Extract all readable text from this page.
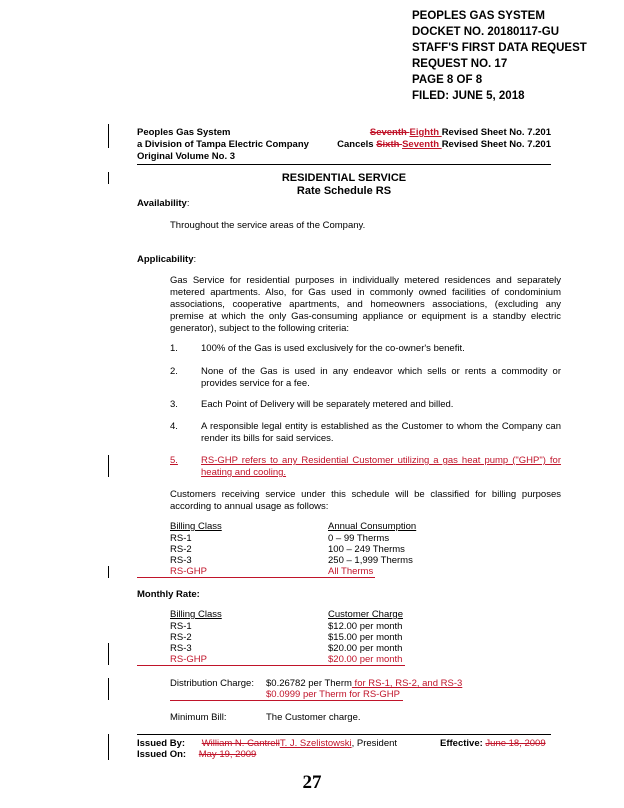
PEOPLES GAS SYSTEM
DOCKET NO. 20180117-GU
STAFF'S FIRST DATA REQUEST
REQUEST NO. 17
PAGE 8 OF 8
FILED: JUNE 5, 2018
Peoples Gas System
a Division of Tampa Electric Company
Original Volume No. 3
Seventh Eighth Revised Sheet No. 7.201
Cancels Sixth Seventh Revised Sheet No. 7.201
RESIDENTIAL SERVICE
Rate Schedule RS
Availability:
Throughout the service areas of the Company.
Applicability:
Gas Service for residential purposes in individually metered residences and separately metered apartments. Also, for Gas used in commonly owned facilities of condominium associations, cooperative apartments, and homeowners associations, (excluding any premise at which the only Gas-consuming appliance or equipment is a standby electric generator), subject to the following criteria:
1. 100% of the Gas is used exclusively for the co-owner's benefit.
2. None of the Gas is used in any endeavor which sells or rents a commodity or provides service for a fee.
3. Each Point of Delivery will be separately metered and billed.
4. A responsible legal entity is established as the Customer to whom the Company can render its bills for said services.
5. RS-GHP refers to any Residential Customer utilizing a gas heat pump ("GHP") for heating and cooling.
Customers receiving service under this schedule will be classified for billing purposes according to annual usage as follows:
Billing Class	Annual Consumption
RS-1	0 – 99 Therms
RS-2	100 – 249 Therms
RS-3	250 – 1,999 Therms
RS-GHP	All Therms
Monthly Rate:
Billing Class	Customer Charge
RS-1	$12.00 per month
RS-2	$15.00 per month
RS-3	$20.00 per month
RS-GHP	$20.00 per month
Distribution Charge: $0.26782 per Therm for RS-1, RS-2, and RS-3
$0.0999 per Therm for RS-GHP
Minimum Bill:	The Customer charge.
Issued By: William N. CantrellT. J. Szelistowski, President	Effective: June 18, 2009
Issued On: May 19, 2009
27
